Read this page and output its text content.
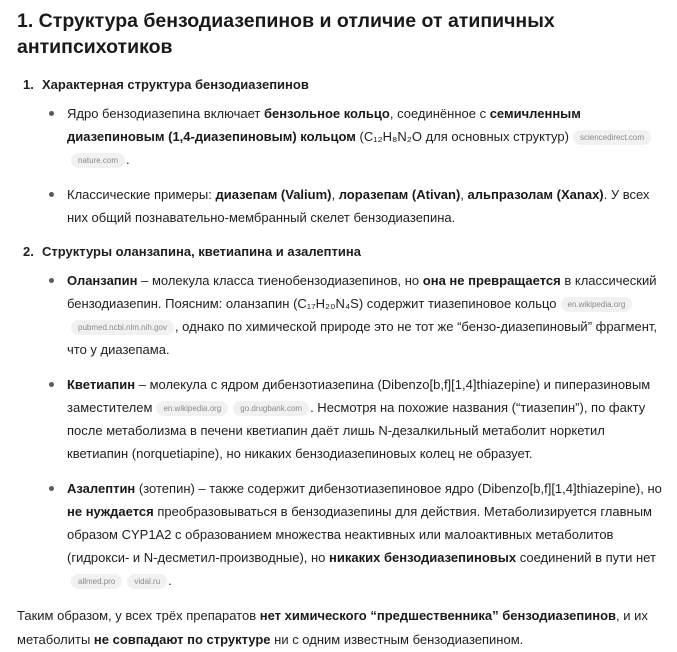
1. Структура бензодиазепинов и отличие от атипичных антипсихотиков
1. Характерная структура бензодиазепинов

Ядро бензодиазепина включает бензольное кольцо, соединённое с семичленным диазепиновым (1,4-диазепиновым) кольцом (C₁₂H₈N₂O для основных структур) sciencedirect.comnature.com .
Классические примеры: диазепам (Valium), лоразепам (Ativan), альпразолам (Xanax). У всех них общий познавательно-мембранный скелет бензодиазепина.
2. Структуры оланзапина, кветиапина и азалептина

Оланзапин – молекула класса тиенобензодиазепинов, но она не превращается в классический бензодиазепин. Поясним: оланзапин (C₁₇H₂₀N₄S) содержит тиазепиновое кольцо en.wikipedia.orgpubmed.ncbi.nlm.nih.gov , однако по химической природе это не тот же “бензо-диазепиновый” фрагмент, что у диазепама.
Кветиапин – молекула с ядром дибензотиазепина (Dibenzo[b,f][1,4]thiazepine) и пиперазиновым заместителем en.wikipedia.org go.drugbank.com . Несмотря на похожие названия (“тиазепин”), по факту после метаболизма в печени кветиапин даёт лишь N-дезалкильный метаболит норкетил кветиапин (norquetiapine), но никаких бензодиазепиновых колец не образует.
Азалептин (зотепин) – также содержит дибензотиазепиновое ядро (Dibenzo[b,f][1,4]thiazepine), но не нуждается преобразовываться в бензодиазепины для действия. Метаболизируется главным образом CYP1A2 с образованием множества неактивных или малоактивных метаболитов (гидрокси- и N-десметил-производные), но никаких бензодиазепиновых соединений в пути нетallmed.pro vidal.ru .

Таким образом, у всех трёх препаратов нет химического “предшественника” бензодиазепинов, и их метаболиты не совпадают по структуре ни с одним известным бензодиазепином.
